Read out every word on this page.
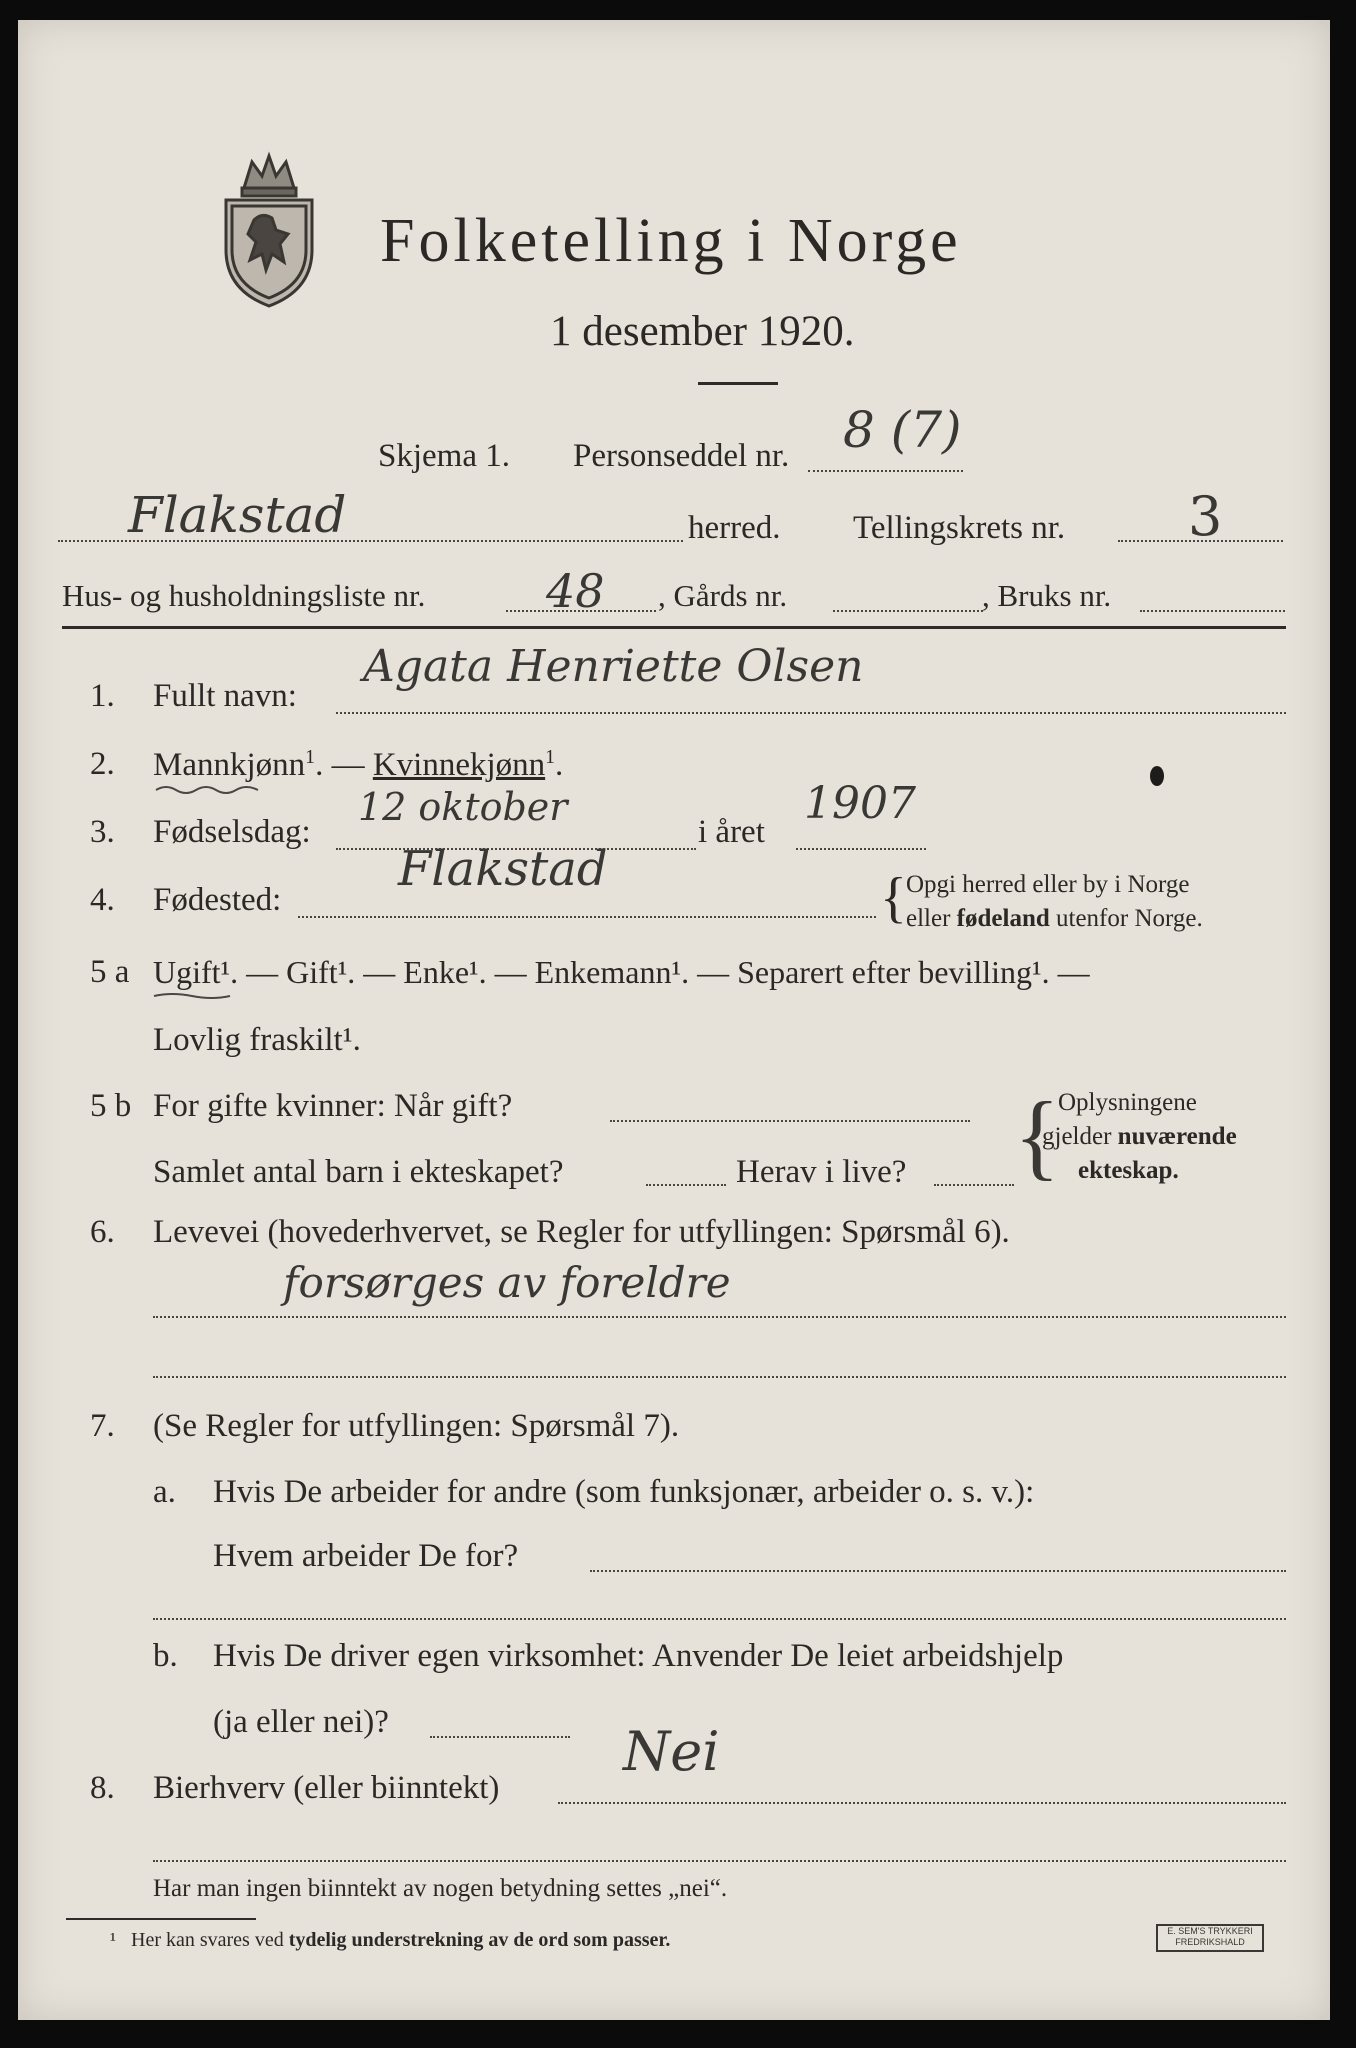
Folketelling i Norge
1 desember 1920.
Skjema 1. Personseddel nr. 8 (7)
Flakstad	herred. Tellingskrets nr. 3
Hus- og husholdningsliste nr.	48 , Gårds nr.	, Bruks nr.
1. Fullt navn:
Agata Henriette Olsen
2. Mannkjønn$^1$. — Kvinnekjønn$^1$.
3. Fødselsdag:
12 oktober
i året
1907
4. Fødested:
Flakstad	{ Opgi herred eller by i Norge
eller fødeland utenfor Norge.
5 a Ugift¹. — Gift¹. — Enke¹. — Enkemann¹. — Separert efter bevilling¹. —
Lovlig fraskilt¹.
5 b For gifte kvinner: Når gift?
Samlet antal barn i ekteskapet?	Herav i live? {
Oplysningene
gjelder nuværende
ekteskap.
6. Levevei (hovederhvervet, se Regler for utfyllingen: Spørsmål 6).
forsørges av foreldre
7. (Se Regler for utfyllingen: Spørsmål 7).
a. Hvis De arbeider for andre (som funksjonær, arbeider o. s. v.):
Hvem arbeider De for?
b. Hvis De driver egen virksomhet: Anvender De leiet arbeidshjelp
(ja eller nei)?
8. Bierhverv (eller biinntekt)
Nei
Har man ingen biinntekt av nogen betydning settes „nei“.
¹ Her kan svares ved tydelig understrekning av de ord som passer.	E. SEM'S TRYKKERI
FREDRIKSHALD
